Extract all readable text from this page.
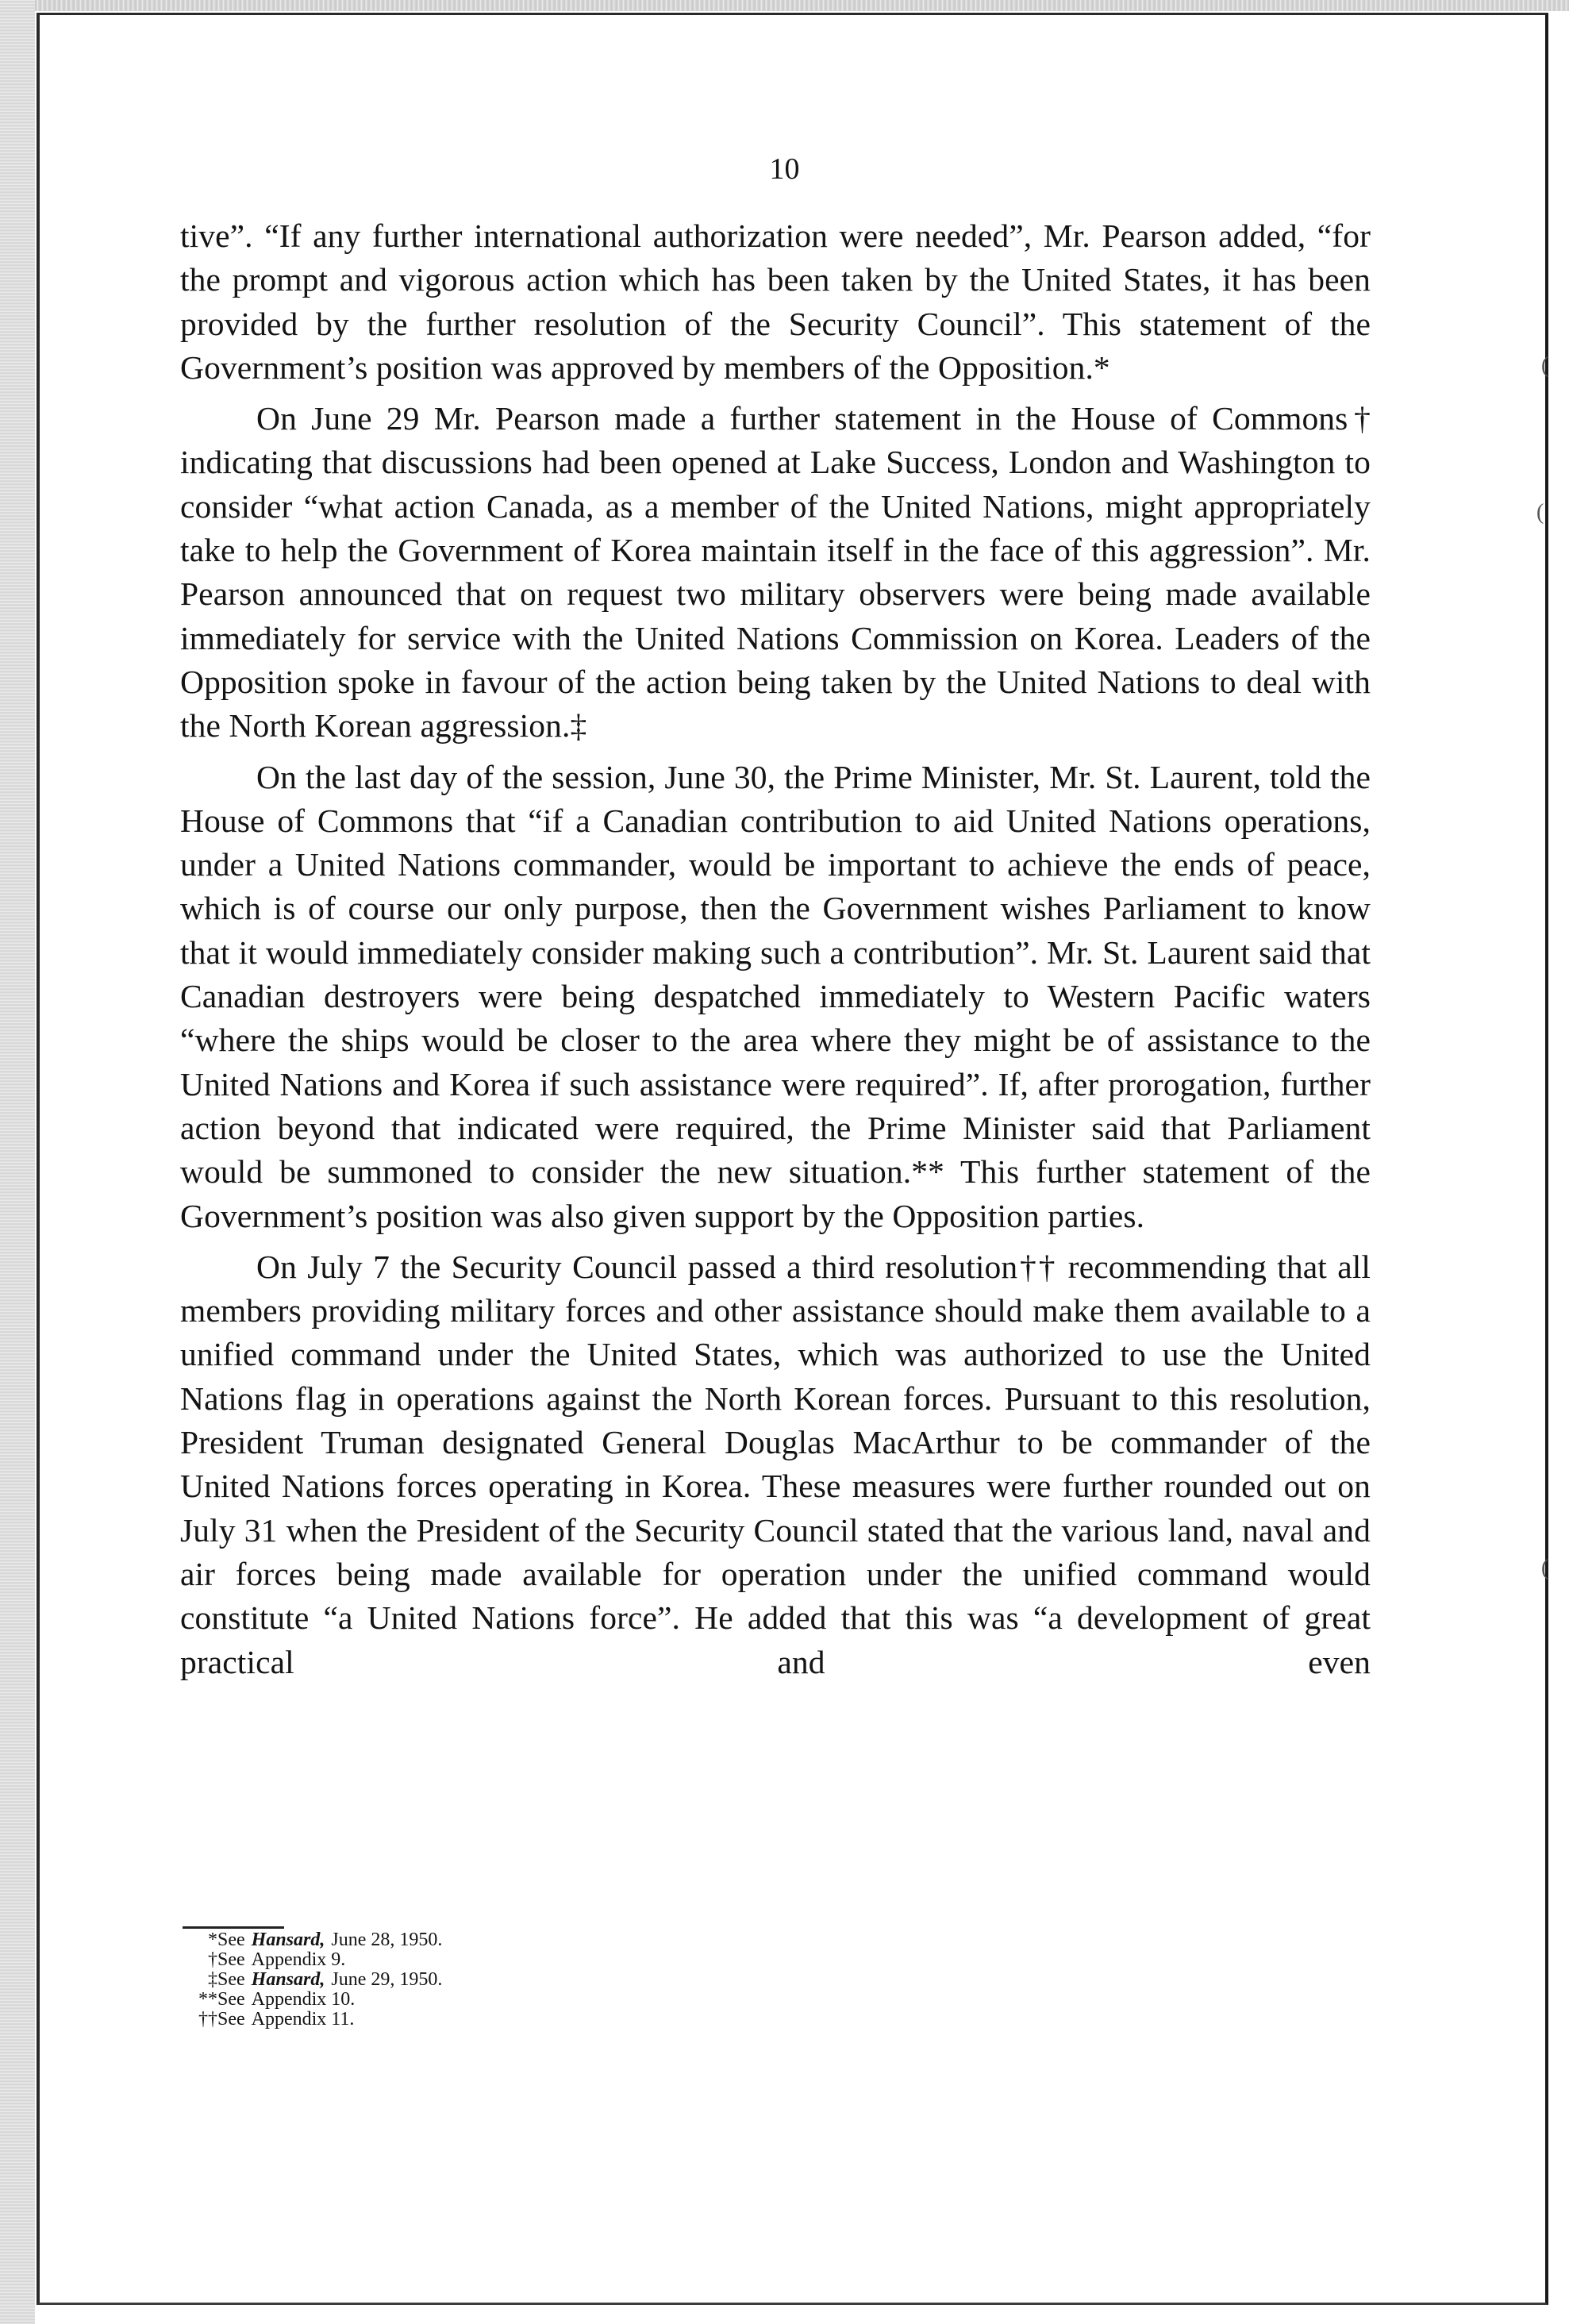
10

tive”. “If any further international authorization were needed”, Mr. Pearson added, “for the prompt and vigorous action which has been taken by the United States, it has been provided by the further resolution of the Security Council”. This statement of the Government’s position was approved by members of the Opposition.*

On June 29 Mr. Pearson made a further statement in the House of Commons† indicating that discussions had been opened at Lake Success, London and Washington to consider “what action Canada, as a member of the United Nations, might appropriately take to help the Government of Korea maintain itself in the face of this aggression”. Mr. Pearson announced that on request two military observers were being made available immediately for service with the United Nations Commission on Korea. Leaders of the Opposition spoke in favour of the action being taken by the United Nations to deal with the North Korean aggression.‡

On the last day of the session, June 30, the Prime Minister, Mr. St. Laurent, told the House of Commons that “if a Canadian contribution to aid United Nations operations, under a United Nations commander, would be important to achieve the ends of peace, which is of course our only purpose, then the Government wishes Parliament to know that it would immediately consider making such a contribution”. Mr. St. Laurent said that Canadian destroyers were being despatched immediately to Western Pacific waters “where the ships would be closer to the area where they might be of assistance to the United Nations and Korea if such assistance were required”. If, after prorogation, further action beyond that indicated were required, the Prime Minister said that Parliament would be summoned to consider the new situation.** This further statement of the Government’s position was also given support by the Opposition parties.

On July 7 the Security Council passed a third resolution†† recommending that all members providing military forces and other assistance should make them available to a unified command under the United States, which was authorized to use the United Nations flag in operations against the North Korean forces. Pursuant to this resolution, President Truman designated General Douglas MacArthur to be commander of the United Nations forces operating in Korea. These measures were further rounded out on July 31 when the President of the Security Council stated that the various land, naval and air forces being made available for operation under the unified command would constitute “a United Nations force”. He added that this was “a development of great practical and even

* See Hansard, June 28, 1950.
† See Appendix 9.
‡ See Hansard, June 29, 1950.
** See Appendix 10.
†† See Appendix 11.
(
(
(
